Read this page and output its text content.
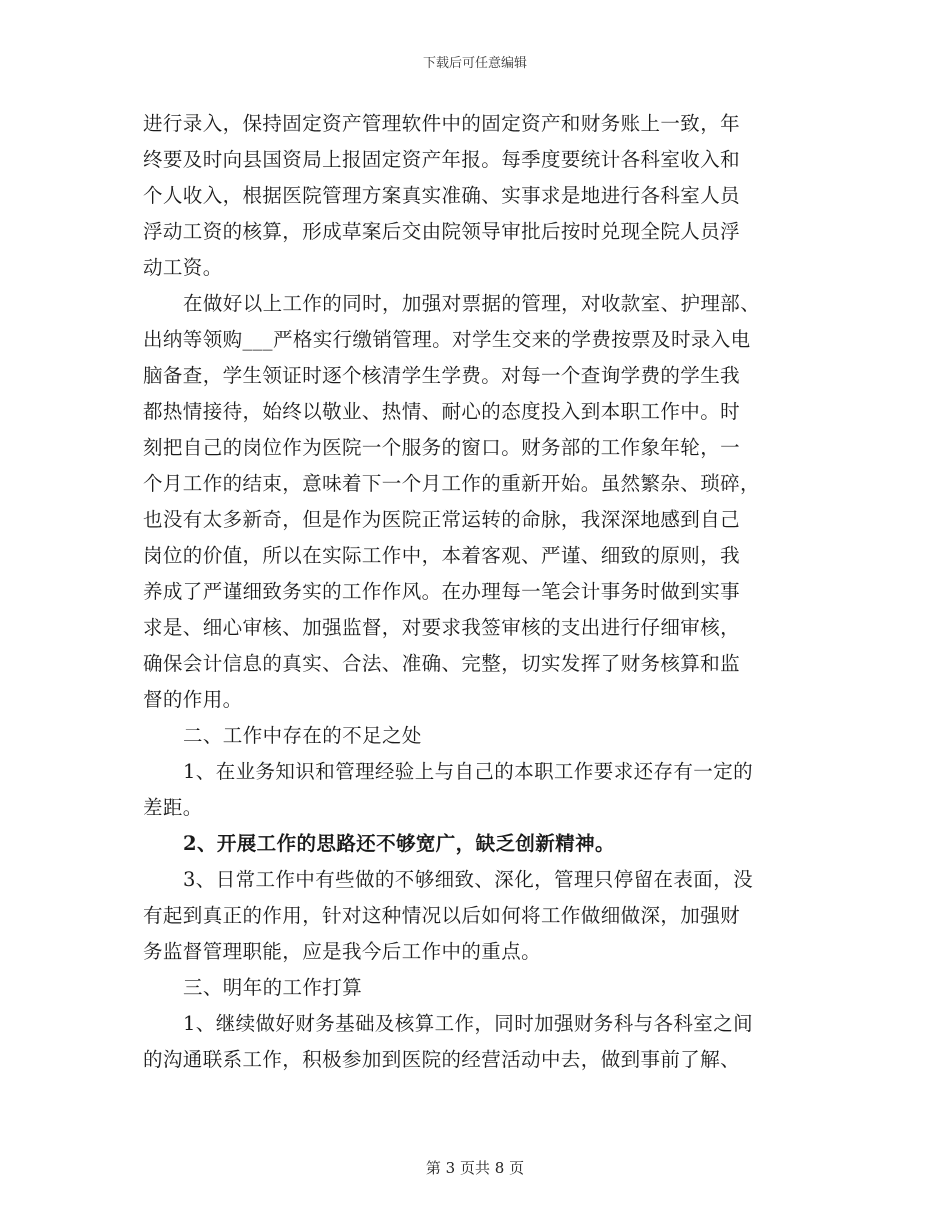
下载后可任意编辑
进行录入，保持固定资产管理软件中的固定资产和财务账上一致，年
终要及时向县国资局上报固定资产年报。每季度要统计各科室收入和
个人收入，根据医院管理方案真实准确、实事求是地进行各科室人员
浮动工资的核算，形成草案后交由院领导审批后按时兑现全院人员浮
动工资。
在做好以上工作的同时，加强对票据的管理，对收款室、护理部、
出纳等领购___严格实行缴销管理。对学生交来的学费按票及时录入电
脑备查，学生领证时逐个核清学生学费。对每一个查询学费的学生我
都热情接待，始终以敬业、热情、耐心的态度投入到本职工作中。时
刻把自己的岗位作为医院一个服务的窗口。财务部的工作象年轮，一
个月工作的结束，意味着下一个月工作的重新开始。虽然繁杂、琐碎，
也没有太多新奇，但是作为医院正常运转的命脉，我深深地感到自己
岗位的价值，所以在实际工作中，本着客观、严谨、细致的原则，我
养成了严谨细致务实的工作作风。在办理每一笔会计事务时做到实事
求是、细心审核、加强监督，对要求我签审核的支出进行仔细审核，
确保会计信息的真实、合法、准确、完整，切实发挥了财务核算和监
督的作用。
二、工作中存在的不足之处
1、在业务知识和管理经验上与自己的本职工作要求还存有一定的
差距。
2、开展工作的思路还不够宽广，缺乏创新精神。
3、日常工作中有些做的不够细致、深化，管理只停留在表面，没
有起到真正的作用，针对这种情况以后如何将工作做细做深，加强财
务监督管理职能，应是我今后工作中的重点。
三、明年的工作打算
1、继续做好财务基础及核算工作，同时加强财务科与各科室之间
的沟通联系工作，积极参加到医院的经营活动中去，做到事前了解、
第 3 页共 8 页
